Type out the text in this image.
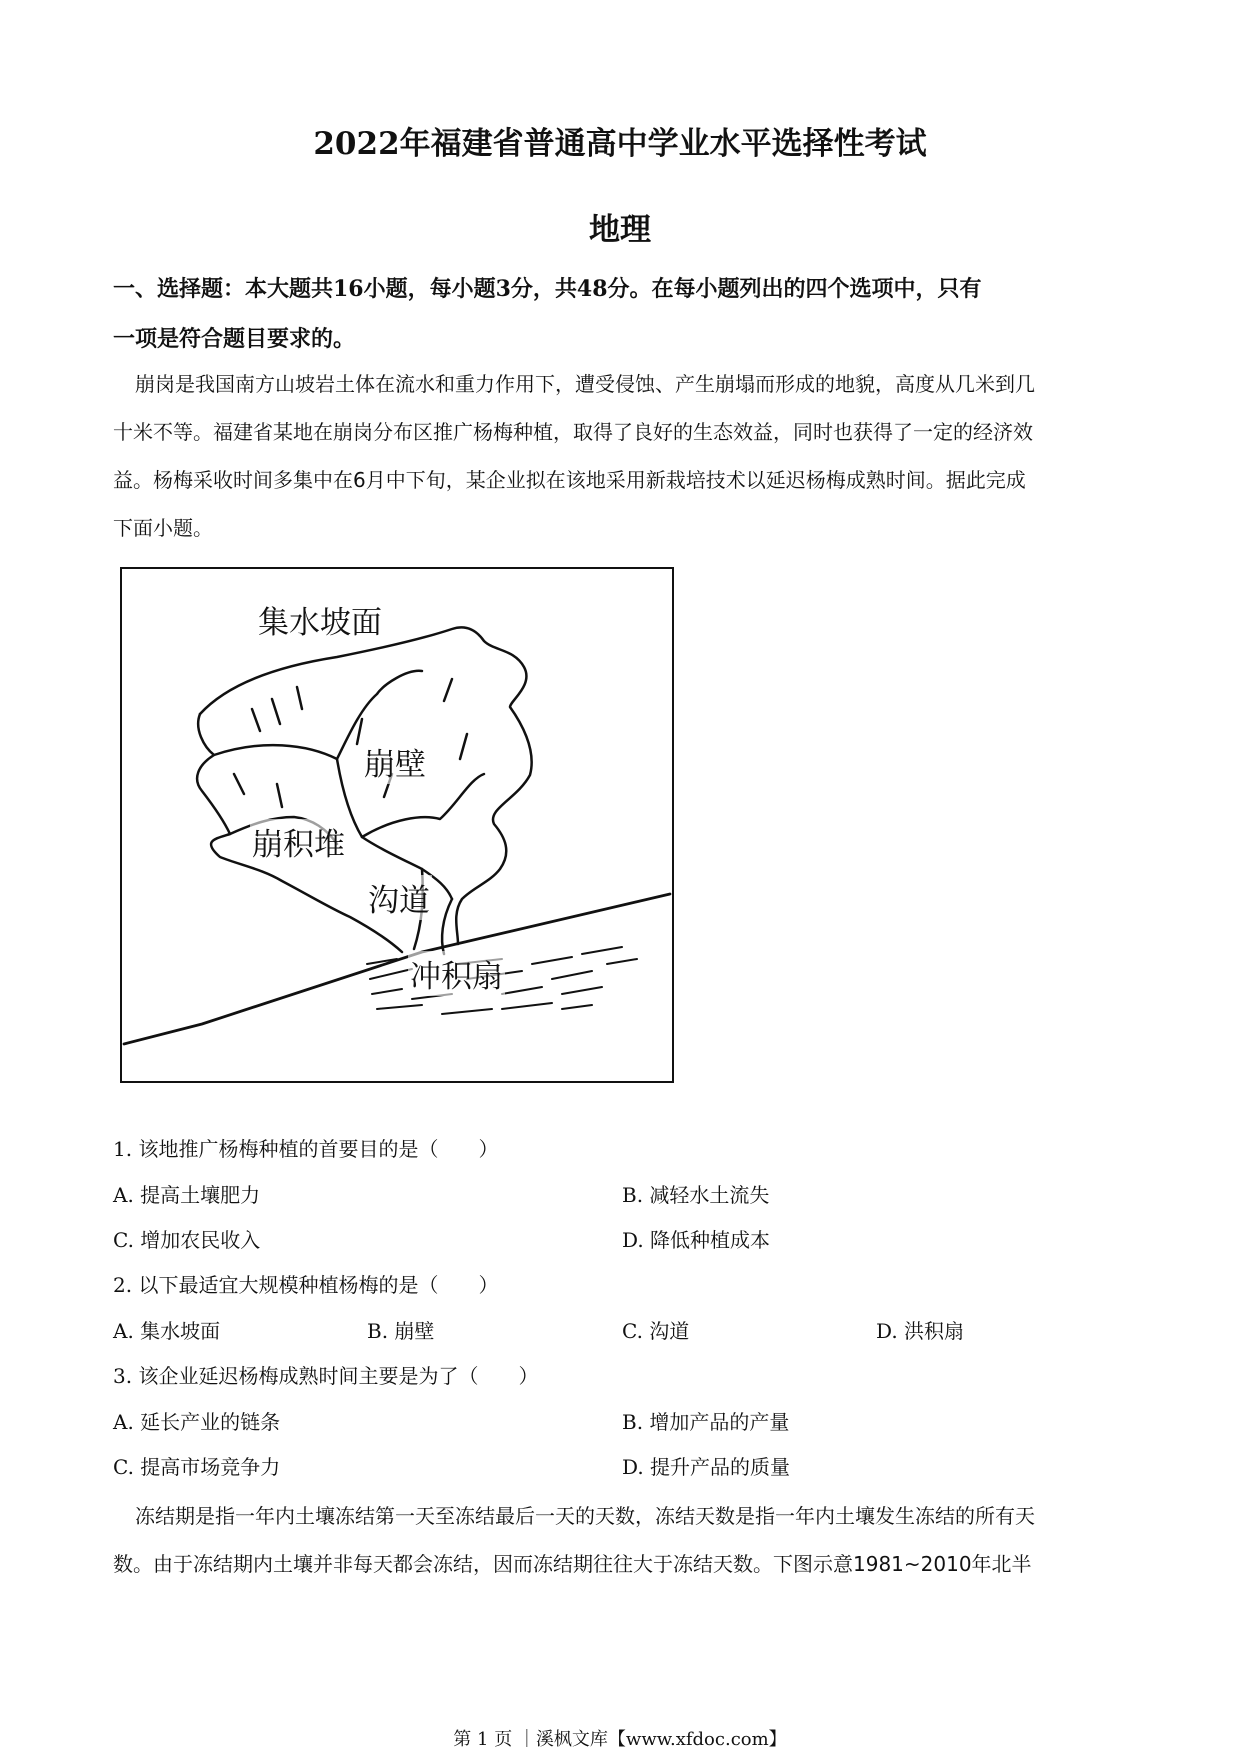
2022年福建省普通高中学业水平选择性考试
地理
一、选择题：本大题共16小题，每小题3分，共48分。在每小题列出的四个选项中，只有
一项是符合题目要求的。
崩岗是我国南方山坡岩土体在流水和重力作用下，遭受侵蚀、产生崩塌而形成的地貌，高度从几米到几
十米不等。福建省某地在崩岗分布区推广杨梅种植，取得了良好的生态效益，同时也获得了一定的经济效
益。杨梅采收时间多集中在6月中下旬，某企业拟在该地采用新栽培技术以延迟杨梅成熟时间。据此完成
下面小题。
集水坡面
崩壁
崩积堆
沟道
冲积扇
1. 该地推广杨梅种植的首要目的是（　　）
A. 提高土壤肥力	B. 减轻水土流失
C. 增加农民收入	D. 降低种植成本
2. 以下最适宜大规模种植杨梅的是（　　）
A. 集水坡面	B. 崩壁	C. 沟道	D. 洪积扇
3. 该企业延迟杨梅成熟时间主要是为了（　　）
A. 延长产业的链条	B. 增加产品的产量
C. 提高市场竞争力	D. 提升产品的质量
冻结期是指一年内土壤冻结第一天至冻结最后一天的天数，冻结天数是指一年内土壤发生冻结的所有天
数。由于冻结期内土壤并非每天都会冻结，因而冻结期往往大于冻结天数。下图示意1981~2010年北半
第 1 页 ｜溪枫文库【www.xfdoc.com】
